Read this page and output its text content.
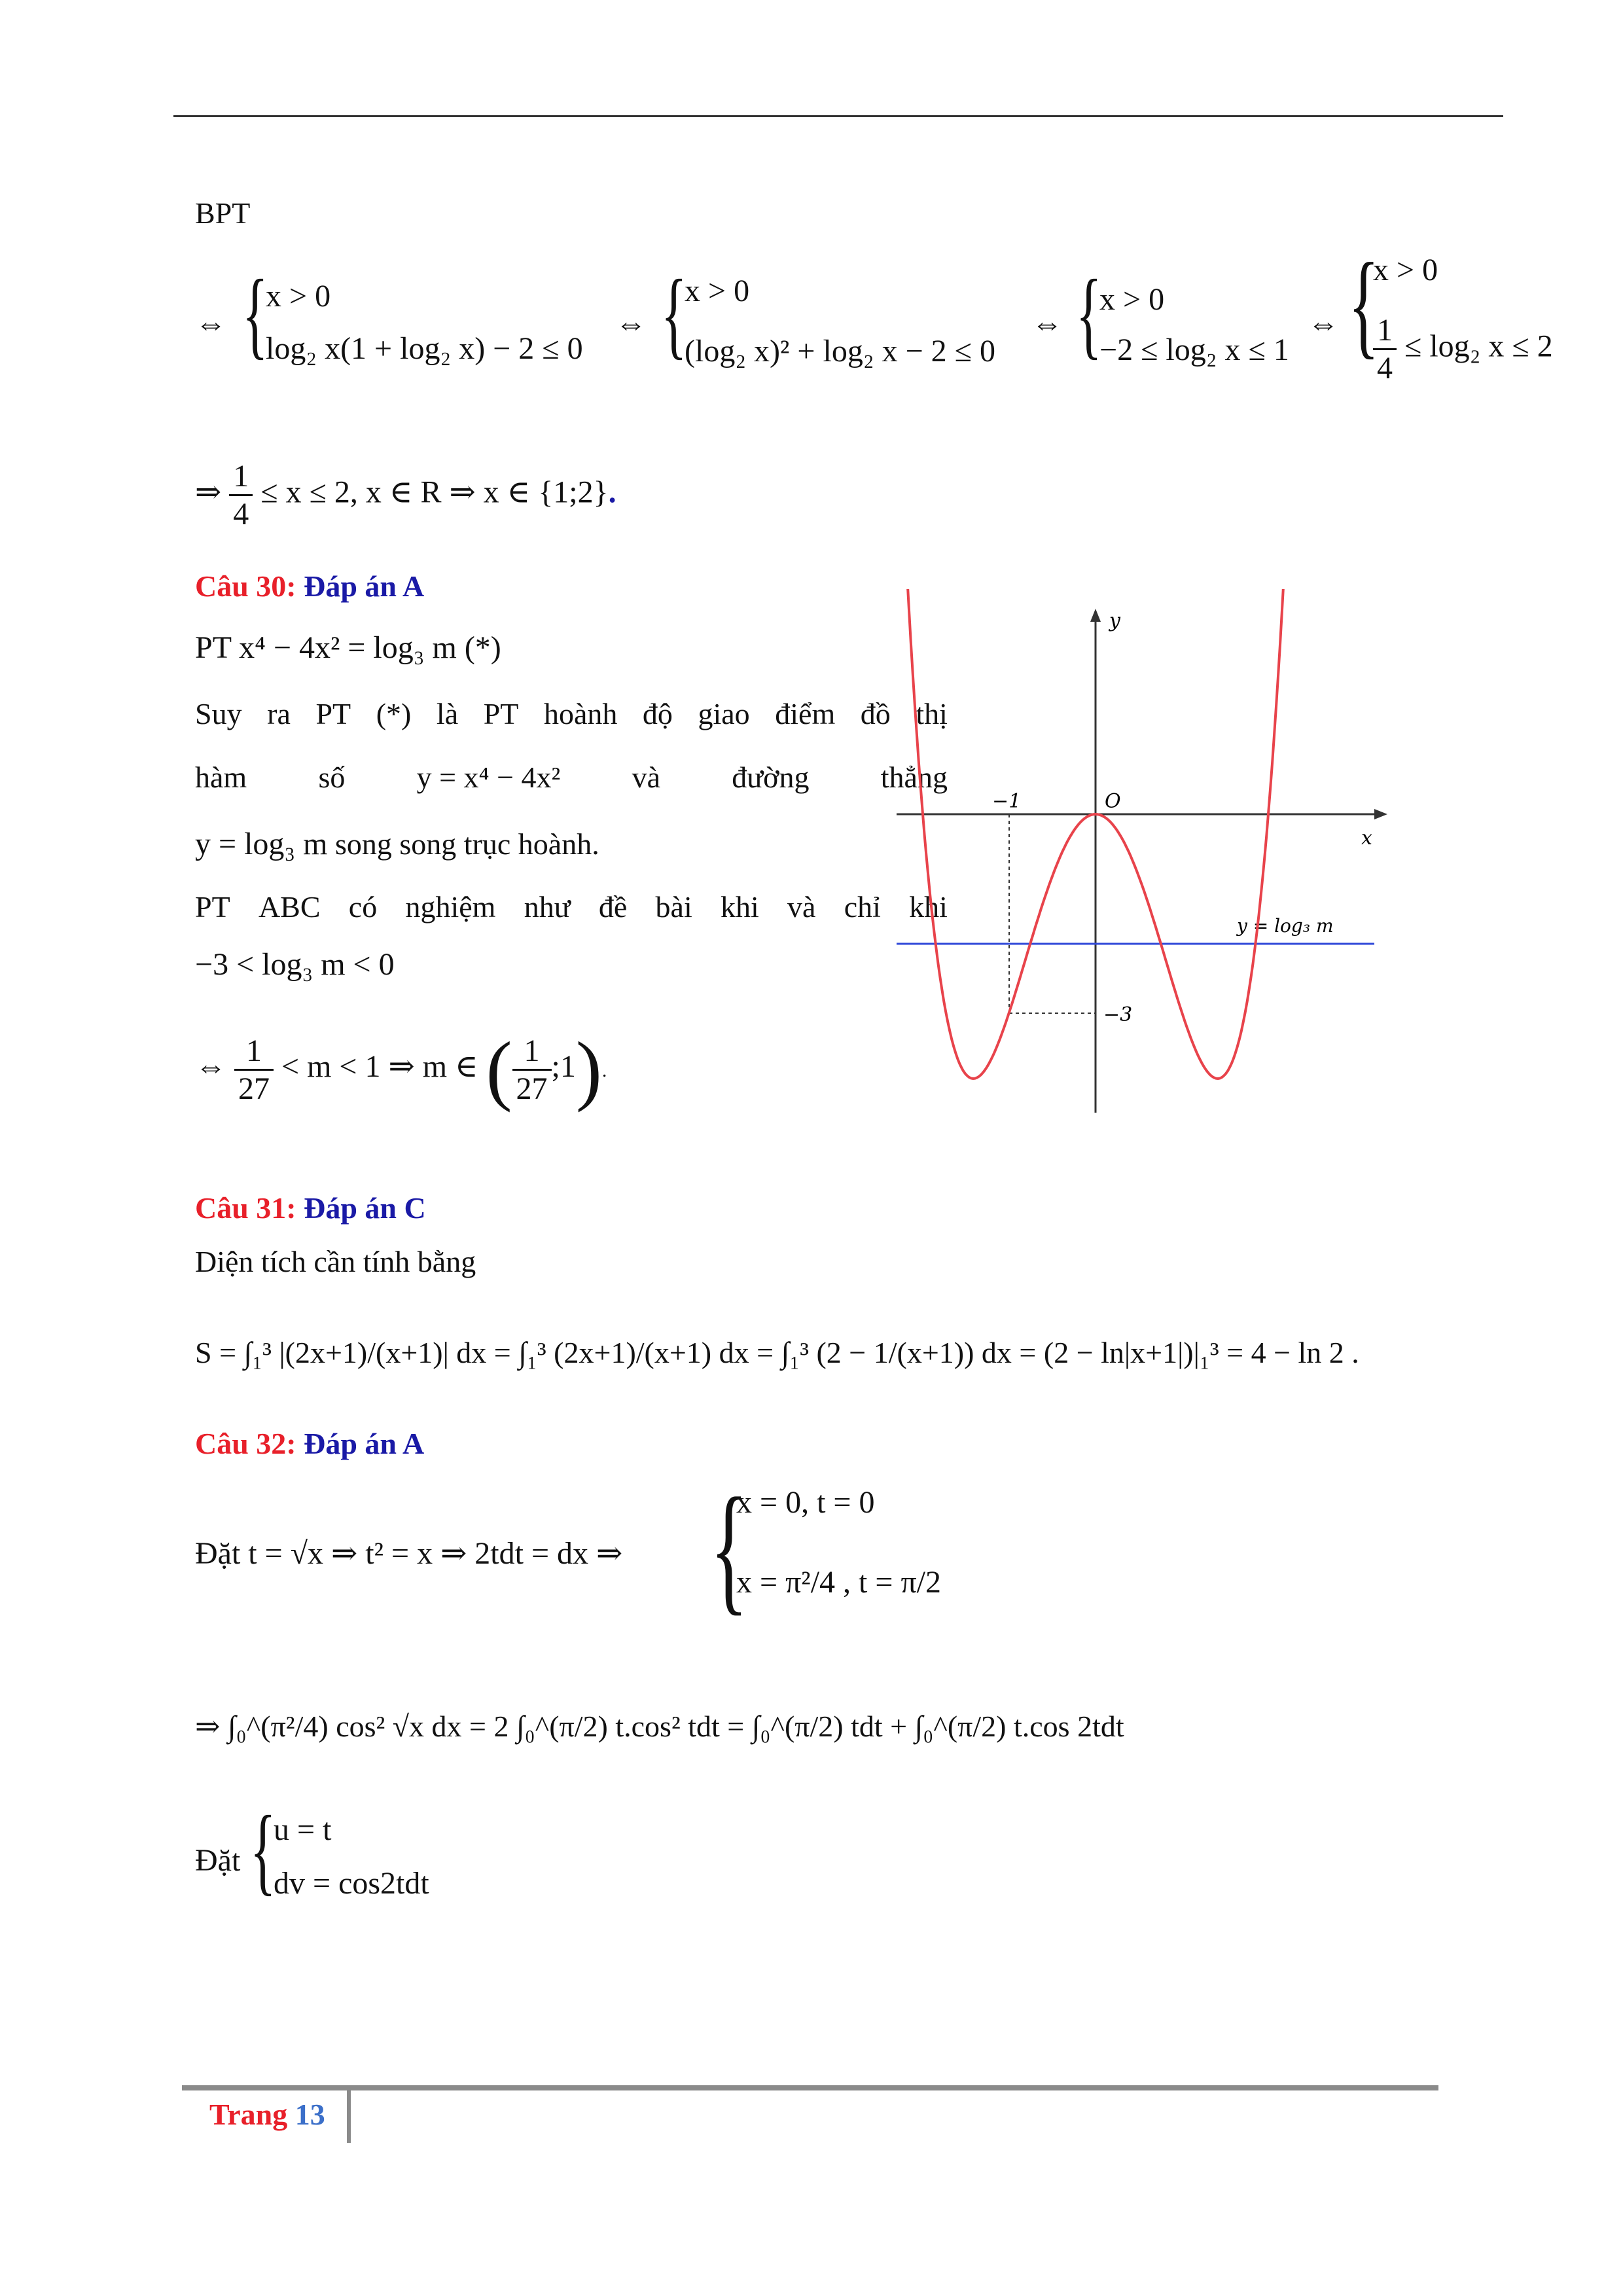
BPT
⇔ {
x > 0
log₂ x(1 + log₂ x) − 2 ≤ 0
⇔ {
x > 0
(log₂ x)² + log₂ x − 2 ≤ 0
⇔ {
x > 0
−2 ≤ log₂ x ≤ 1
⇔ {
x > 0
$\frac{1}{4} \le \log_2$ x ≤ 2
⇒ $\frac{1}{4} \le x \le 2$, x ∈ R ⇒ x ∈ {1;2}.
Câu 30: Đáp án A
PT x⁴ − 4x² = log₃ m (*)
Suy ra PT (*) là PT hoành độ giao điểm đồ thị
hàm số y = x⁴ − 4x² và đường thẳng
y = log₃ m song song trục hoành.
PT ABC có nghiệm như đề bài khi và chỉ khi
−3 < log₃ m < 0
⇔ $\frac{1}{27} < m < 1$ ⇒ m ∈ ( $\frac{1}{27}$ ;1).
y
x
O
−1
−3
y = log₃ m
Câu 31: Đáp án C
Diện tích cần tính bằng
S = ∫₁³ |(2x+1)/(x+1)| dx = ∫₁³ (2x+1)/(x+1) dx = ∫₁³ (2 − 1/(x+1)) dx = (2 − ln|x+1|)|₁³ = 4 − ln 2 .
Câu 32: Đáp án A
Đặt t = √x ⇒ t² = x ⇒ 2tdt = dx ⇒ {
x = 0, t = 0
x = π²/4 , t = π/2
⇒ ∫₀^(π²/4) cos² √x dx = 2 ∫₀^(π/2) t.cos² tdt = ∫₀^(π/2) tdt + ∫₀^(π/2) t.cos 2tdt
Đặt {
u = t
dv = cos2tdt
Trang 13
